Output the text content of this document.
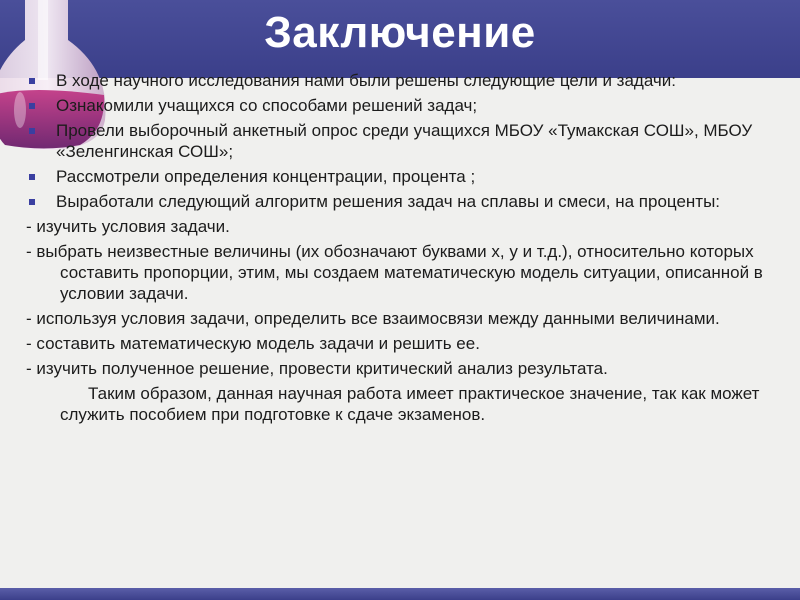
Заключение
В ходе научного исследования нами были решены следующие цели и задачи:
Ознакомили учащихся со способами решений задач;
Провели выборочный анкетный опрос среди учащихся МБОУ «Тумакская СОШ», МБОУ «Зеленгинская СОШ»;
Рассмотрели определения концентрации, процента ;
Выработали следующий алгоритм решения задач на сплавы и смеси, на проценты:
- изучить условия задачи.
- выбрать неизвестные величины (их обозначают буквами х, у и т.д.), относительно которых составить пропорции, этим, мы создаем математическую модель ситуации, описанной в условии задачи.
- используя условия задачи, определить все взаимосвязи между данными величинами.
- составить математическую модель задачи и решить ее.
- изучить полученное решение, провести критический анализ результата.
Таким образом, данная научная работа имеет практическое значение, так как может служить пособием при подготовке к сдаче экзаменов.
